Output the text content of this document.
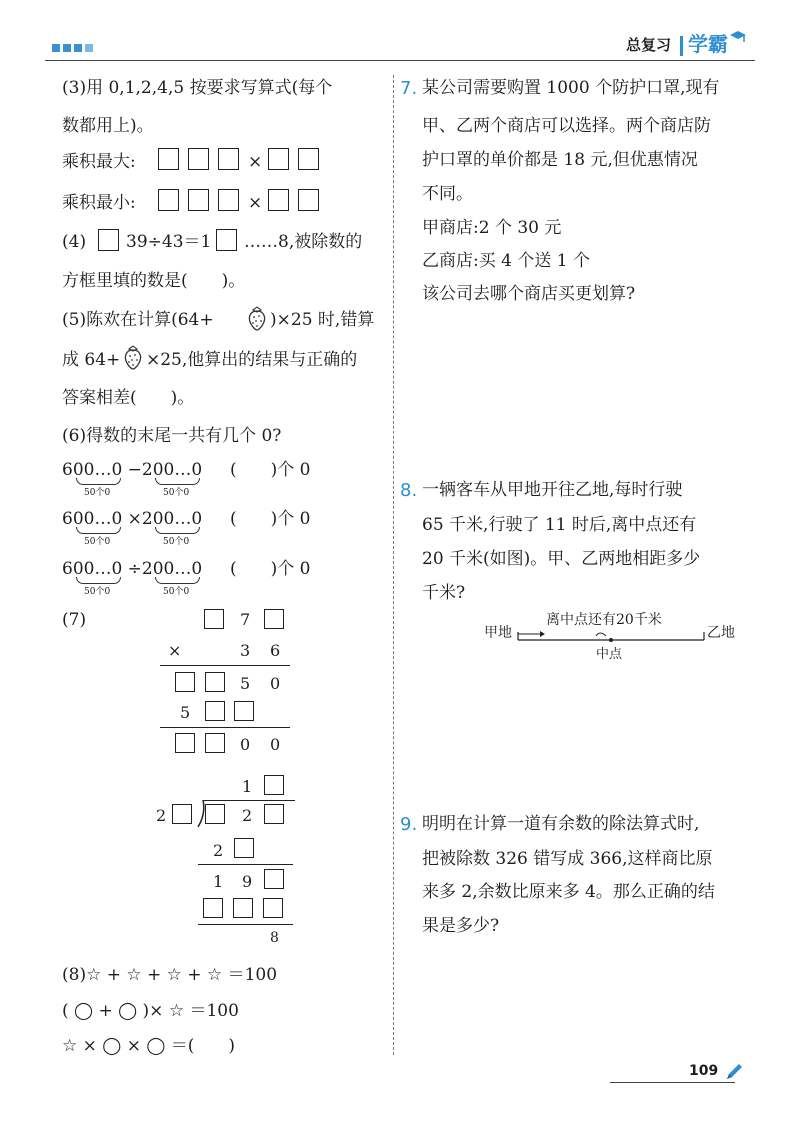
总复习 学霸
(3)用 0,1,2,4,5 按要求写算式(每个
数都用上)。
乘积最大:	×
乘积最小:	×
(4) 39÷43＝1 ……8,被除数的
方框里填的数是(　　)。
(5)陈欢在计算(64+	)×25 时,错算
成 64+ ×25,他算出的结果与正确的
答案相差(　　)。
(6)得数的末尾一共有几个 0?
600…0 −200…0 (　　)个 0
50个0	50个0
600…0 ×200…0 (　　)个 0
50个0	50个0
600…0 ÷200…0 (　　)个 0
50个0	50个0
(7)	7
×	3 6
5 0
5
0 0
1
2	2
2
1 9
8
(8)☆ + ☆ + ☆ + ☆ ＝100
( ◯ + ◯ )× ☆ ＝100
☆ × ◯ × ◯ ＝(　　)
7. 某公司需要购置 1000 个防护口罩,现有
甲、乙两个商店可以选择。两个商店防
护口罩的单价都是 18 元,但优惠情况
不同。
甲商店:2 个 30 元
乙商店:买 4 个送 1 个
该公司去哪个商店买更划算?
8. 一辆客车从甲地开往乙地,每时行驶
65 千米,行驶了 11 时后,离中点还有
20 千米(如图)。甲、乙两地相距多少
千米?
甲地	乙地
离中点还有20千米
中点
9. 明明在计算一道有余数的除法算式时,
把被除数 326 错写成 366,这样商比原
来多 2,余数比原来多 4。那么正确的结
果是多少?
109
